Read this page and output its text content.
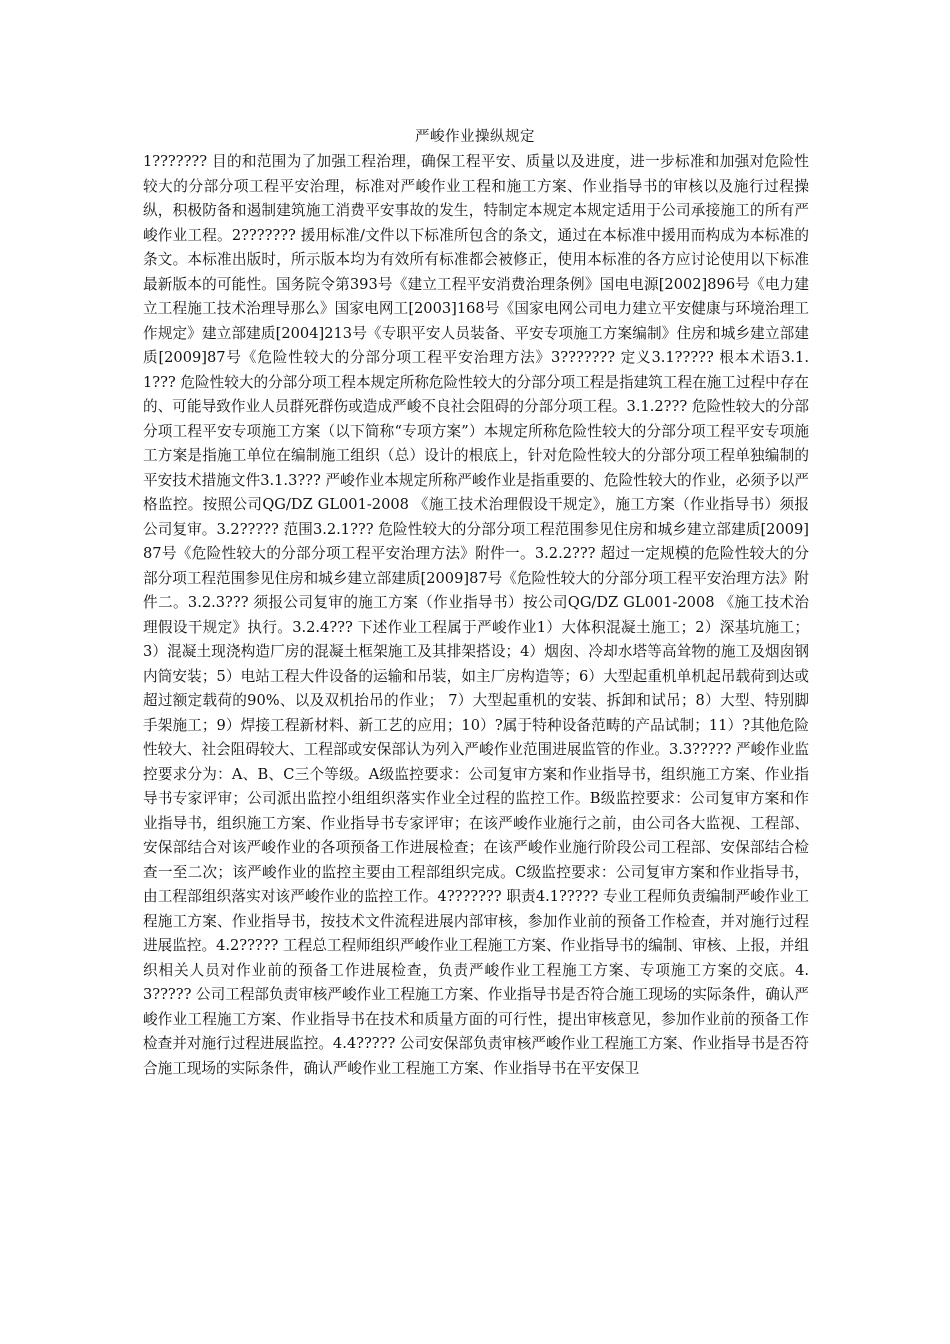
严峻作业操纵规定

1??????? 目的和范围为了加强工程治理，确保工程平安、质量以及进度，进一步标准和加强对危险性较大的分部分项工程平安治理，标准对严峻作业工程和施工方案、作业指导书的审核以及施行过程操纵，积极防备和遏制建筑施工消费平安事故的发生，特制定本规定本规定适用于公司承接施工的所有严峻作业工程。2??????? 援用标准/文件以下标准所包含的条文，通过在本标准中援用而构成为本标准的条文。本标准出版时，所示版本均为有效所有标准都会被修正，使用本标准的各方应讨论使用以下标准最新版本的可能性。国务院令第393号《建立工程平安消费治理条例》国电电源[2002]896号《电力建立工程施工技术治理导那么》国家电网工[2003]168号《国家电网公司电力建立平安健康与环境治理工作规定》建立部建质[2004]213号《专职平安人员装备、平安专项施工方案编制》住房和城乡建立部建质[2009]87号《危险性较大的分部分项工程平安治理方法》3??????? 定义3.1????? 根本术语3.1.1??? 危险性较大的分部分项工程本规定所称危险性较大的分部分项工程是指建筑工程在施工过程中存在的、可能导致作业人员群死群伤或造成严峻不良社会阻碍的分部分项工程。3.1.2??? 危险性较大的分部分项工程平安专项施工方案（以下简称“专项方案”）本规定所称危险性较大的分部分项工程平安专项施工方案是指施工单位在编制施工组织（总）设计的根底上，针对危险性较大的分部分项工程单独编制的平安技术措施文件3.1.3??? 严峻作业本规定所称严峻作业是指重要的、危险性较大的作业，必须予以严格监控。按照公司QG/DZ GL001-2008 《施工技术治理假设干规定》，施工方案（作业指导书）须报公司复审。3.2????? 范围3.2.1??? 危险性较大的分部分项工程范围参见住房和城乡建立部建质[2009]87号《危险性较大的分部分项工程平安治理方法》附件一。3.2.2??? 超过一定规模的危险性较大的分部分项工程范围参见住房和城乡建立部建质[2009]87号《危险性较大的分部分项工程平安治理方法》附件二。3.2.3??? 须报公司复审的施工方案（作业指导书）按公司QG/DZ GL001-2008 《施工技术治理假设干规定》执行。3.2.4??? 下述作业工程属于严峻作业1）大体积混凝土施工；2）深基坑施工；3）混凝土现浇构造厂房的混凝土框架施工及其排架搭设；4）烟囱、冷却水塔等高耸物的施工及烟囱钢内筒安装；5）电站工程大件设备的运输和吊装，如主厂房构造等；6）大型起重机单机起吊载荷到达或超过额定载荷的90%、以及双机抬吊的作业； 7）大型起重机的安装、拆卸和试吊；8）大型、特别脚手架施工；9）焊接工程新材料、新工艺的应用；10）?属于特种设备范畴的产品试制；11）?其他危险性较大、社会阻碍较大、工程部或安保部认为列入严峻作业范围进展监管的作业。3.3????? 严峻作业监控要求分为：A、B、C三个等级。A级监控要求：公司复审方案和作业指导书，组织施工方案、作业指导书专家评审；公司派出监控小组组织落实作业全过程的监控工作。B级监控要求：公司复审方案和作业指导书，组织施工方案、作业指导书专家评审；在该严峻作业施行之前，由公司各大监视、工程部、安保部结合对该严峻作业的各项预备工作进展检查；在该严峻作业施行阶段公司工程部、安保部结合检查一至二次；该严峻作业的监控主要由工程部组织完成。C级监控要求：公司复审方案和作业指导书，由工程部组织落实对该严峻作业的监控工作。4??????? 职责4.1????? 专业工程师负责编制严峻作业工程施工方案、作业指导书，按技术文件流程进展内部审核，参加作业前的预备工作检查，并对施行过程进展监控。4.2????? 工程总工程师组织严峻作业工程施工方案、作业指导书的编制、审核、上报，并组织相关人员对作业前的预备工作进展检查，负责严峻作业工程施工方案、专项施工方案的交底。4.3????? 公司工程部负责审核严峻作业工程施工方案、作业指导书是否符合施工现场的实际条件，确认严峻作业工程施工方案、作业指导书在技术和质量方面的可行性，提出审核意见，参加作业前的预备工作检查并对施行过程进展监控。4.4????? 公司安保部负责审核严峻作业工程施工方案、作业指导书是否符合施工现场的实际条件，确认严峻作业工程施工方案、作业指导书在平安保卫
